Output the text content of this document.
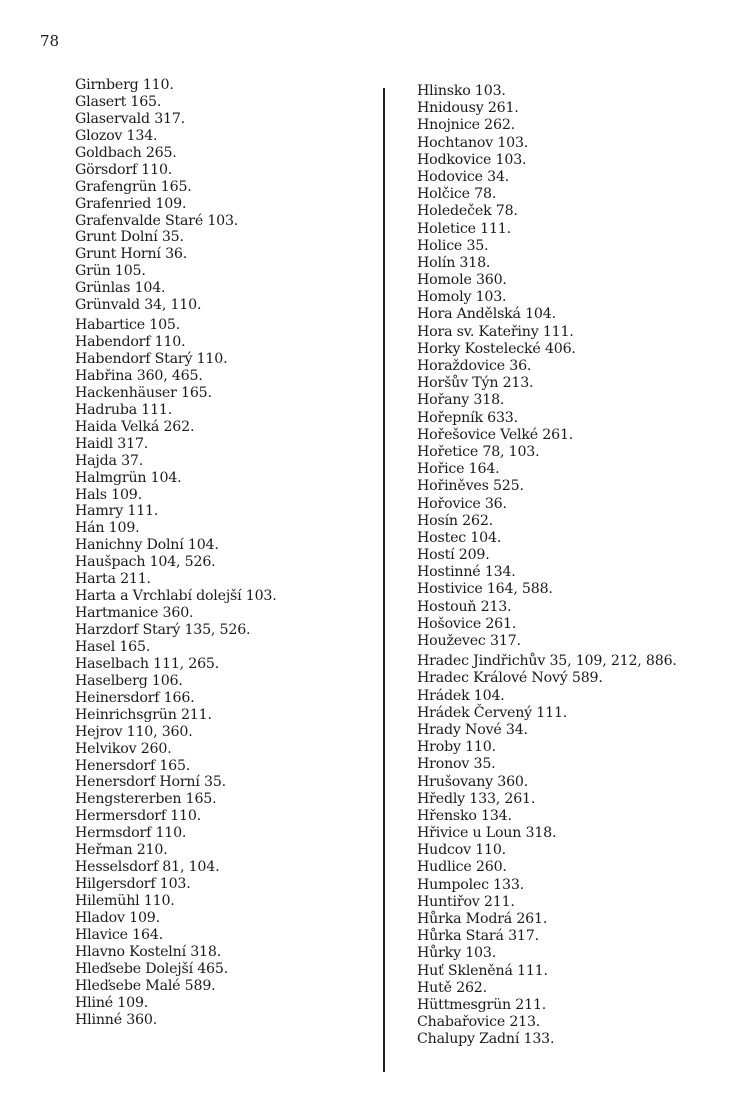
78
Girnberg 110.
Glasert 165.
Glaservald 317.
Glozov 134.
Goldbach 265.
Görsdorf 110.
Grafengrün 165.
Grafenried 109.
Grafenvalde Staré 103.
Grunt Dolní 35.
Grunt Horní 36.
Grün 105.
Grünlas 104.
Grünvald 34, 110.
Habartice 105.
Habendorf 110.
Habendorf Starý 110.
Habřina 360, 465.
Hackenhäuser 165.
Hadruba 111.
Haida Velká 262.
Haidl 317.
Hajda 37.
Halmgrün 104.
Hals 109.
Hamry 111.
Hán 109.
Hanichny Dolní 104.
Haušpach 104, 526.
Harta 211.
Harta a Vrchlabí dolejší 103.
Hartmanice 360.
Harzdorf Starý 135, 526.
Hasel 165.
Haselbach 111, 265.
Haselberg 106.
Heinersdorf 166.
Heinrichsgrün 211.
Hejrov 110, 360.
Helvikov 260.
Henersdorf 165.
Henersdorf Horní 35.
Hengstererben 165.
Hermersdorf 110.
Hermsdorf 110.
Heřman 210.
Hesselsdorf 81, 104.
Hilgersdorf 103.
Hilemühl 110.
Hladov 109.
Hlavice 164.
Hlavno Kostelní 318.
Hleďsebe Dolejší 465.
Hleďsebe Malé 589.
Hliné 109.
Hlinné 360.
Hlinsko 103.
Hnidousy 261.
Hnojnice 262.
Hochtanov 103.
Hodkovice 103.
Hodovice 34.
Holčice 78.
Holedeček 78.
Holetice 111.
Holice 35.
Holín 318.
Homole 360.
Homoly 103.
Hora Andělská 104.
Hora sv. Kateřiny 111.
Horky Kostelecké 406.
Horaždovice 36.
Horšův Týn 213.
Hořany 318.
Hořepník 633.
Hořešovice Velké 261.
Hořetice 78, 103.
Hořice 164.
Hořiněves 525.
Hořovice 36.
Hosín 262.
Hostec 104.
Hostí 209.
Hostinné 134.
Hostivice 164, 588.
Hostouň 213.
Hošovice 261.
Houževec 317.
Hradec Jindřichův 35, 109, 212, 886.
Hradec Králové Nový 589.
Hrádek 104.
Hrádek Červený 111.
Hrady Nové 34.
Hroby 110.
Hronov 35.
Hrušovany 360.
Hředly 133, 261.
Hřensko 134.
Hřivice u Loun 318.
Hudcov 110.
Hudlice 260.
Humpolec 133.
Huntiřov 211.
Hůrka Modrá 261.
Hůrka Stará 317.
Hůrky 103.
Huť Skleněná 111.
Hutě 262.
Hüttmesgrün 211.
Chabařovice 213.
Chalupy Zadní 133.
